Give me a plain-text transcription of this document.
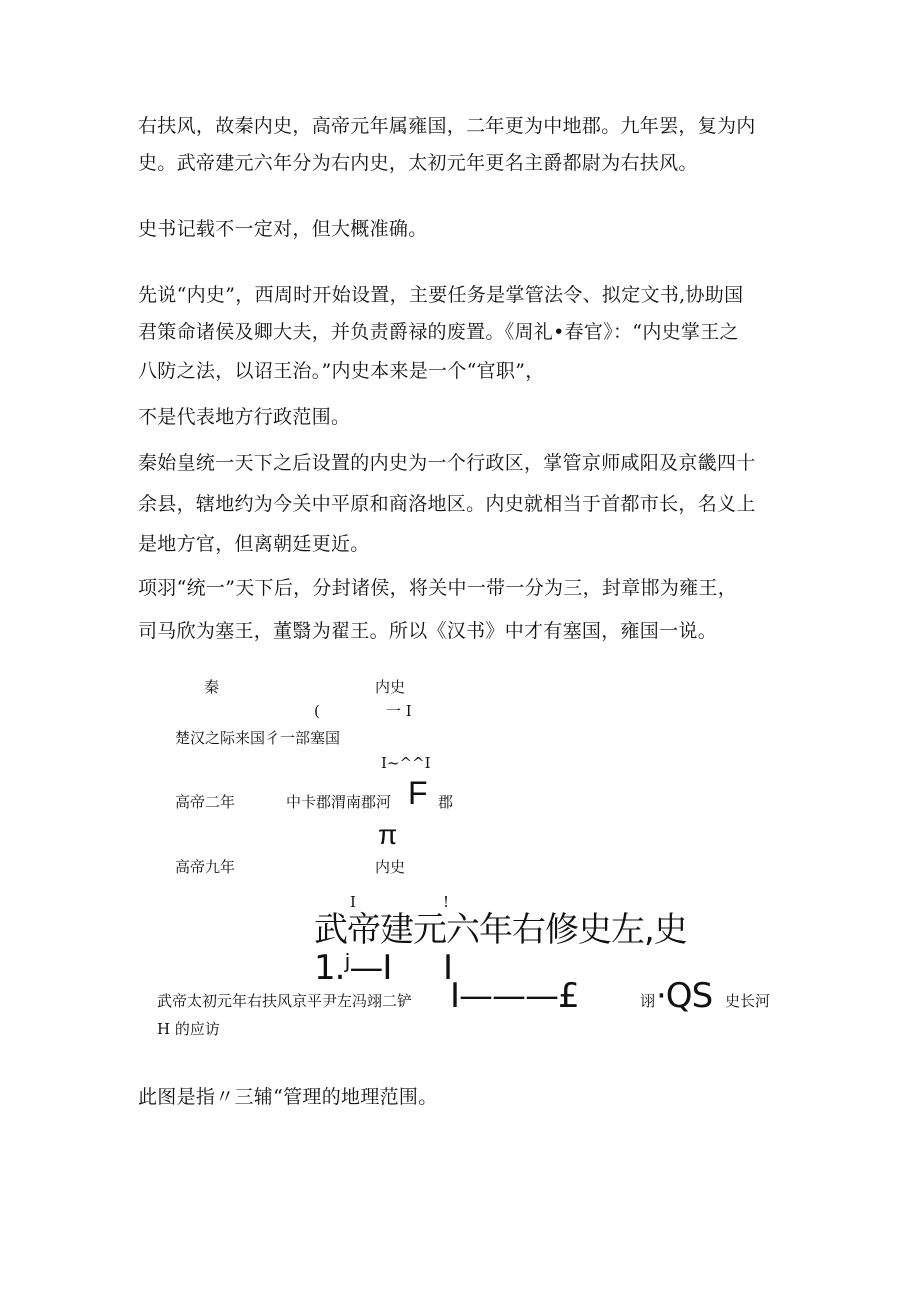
右扶风，故秦内史，高帝元年属雍国，二年更为中地郡。九年罢，复为内
史。武帝建元六年分为右内史，太初元年更名主爵都尉为右扶风。
史书记载不一定对，但大概准确。
先说“内史”，西周时开始设置，主要任务是掌管法令、拟定文书,协助国
君策命诸侯及卿大夫，并负责爵禄的废置。《周礼•春官》：“内史掌王之
八防之法，以诏王治。”内史本来是一个“官职”，
不是代表地方行政范围。
秦始皇统一天下之后设置的内史为一个行政区，掌管京师咸阳及京畿四十
余县，辖地约为今关中平原和商洛地区。内史就相当于首都市长，名义上
是地方官，但离朝廷更近。
项羽“统一”天下后，分封诸侯，将关中一带一分为三，封章邯为雍王，
司马欣为塞王，董翳为翟王。所以《汉书》中才有塞国，雍国一说。
秦	内史
(	一 I
楚汉之际来国彳一部塞国
I~^^I
高帝二年	中卡郡渭南郡河 F 郡
π
高帝九年	内史
I	!
武帝建元六年右修史左,史
1.ʲ—I I
武帝太初元年右扶风京平尹左冯翊二铲 I———£	诩 ·QS 史长河
H 的应访
此图是指〃三辅“管理的地理范围。
